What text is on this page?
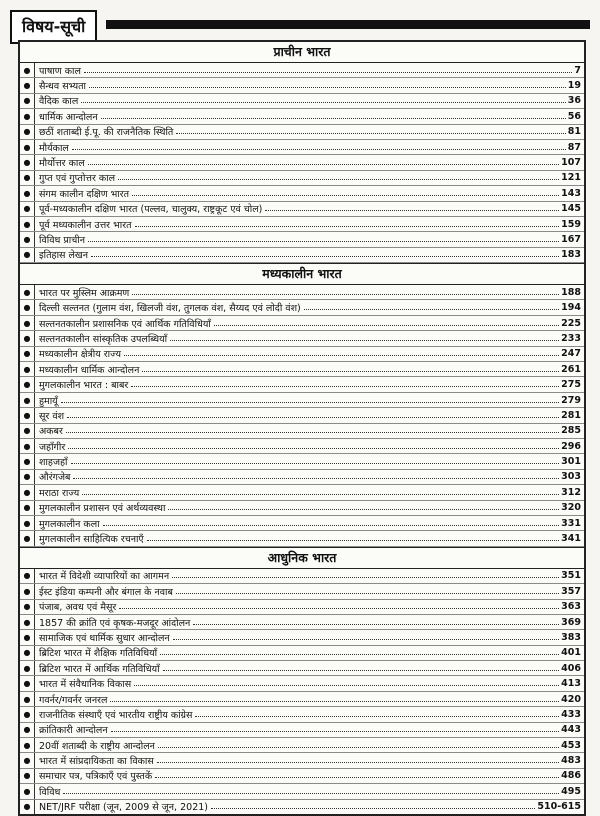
विषय-सूची
प्राचीन भारत
● पाषाण काल	7
● सैन्धव सभ्यता	19
● वैदिक काल	36
● धार्मिक आन्दोलन	56
● छठीं शताब्दी ई.पू. की राजनैतिक स्थिति	81
● मौर्यकाल	87
● मौर्योत्तर काल	107
● गुप्त एवं गुप्तोत्तर काल	121
● संगम कालीन दक्षिण भारत	143
● पूर्व-मध्यकालीन दक्षिण भारत (पल्लव, चालुक्य, राष्ट्रकूट एवं चोल)	145
● पूर्व मध्यकालीन उत्तर भारत	159
● विविध प्राचीन	167
● इतिहास लेखन	183
मध्यकालीन भारत
● भारत पर मुस्लिम आक्रमण	188
● दिल्ली सल्तनत (गुलाम वंश, खिलजी वंश, तुगलक वंश, सैय्यद एवं लोदी वंश)	194
● सल्तनतकालीन प्रशासनिक एवं आर्थिक गतिविधियाँ	225
● सल्तनतकालीन सांस्कृतिक उपलब्धियाँ	233
● मध्यकालीन क्षेत्रीय राज्य	247
● मध्यकालीन धार्मिक आन्दोलन	261
● मुगलकालीन भारत : बाबर	275
● हुमायूँ	279
● सूर वंश	281
● अकबर	285
● जहाँगीर	296
● शाहजहाँ	301
● औरंगजेब	303
● मराठा राज्य	312
● मुगलकालीन प्रशासन एवं अर्थव्यवस्था	320
● मुगलकालीन कला	331
● मुगलकालीन साहित्यिक रचनाएँ	341
आधुनिक भारत
● भारत में विदेशी व्यापारियों का आगमन	351
● ईस्ट इंडिया कम्पनी और बंगाल के नवाब	357
● पंजाब, अवध एवं मैसूर	363
● 1857 की क्रांति एवं कृषक-मजदूर आंदोलन	369
● सामाजिक एवं धार्मिक सुधार आन्दोलन	383
● ब्रिटिश भारत में शैक्षिक गतिविधियाँ	401
● ब्रिटिश भारत में आर्थिक गतिविधियाँ	406
● भारत में संवैधानिक विकास	413
● गवर्नर/गवर्नर जनरल	420
● राजनीतिक संस्थाएँ एवं भारतीय राष्ट्रीय कांग्रेस	433
● क्रांतिकारी आन्दोलन	443
● 20वीं शताब्दी के राष्ट्रीय आन्दोलन	453
● भारत में सांप्रदायिकता का विकास	483
● समाचार पत्र, पत्रिकाएँ एवं पुस्तकें	486
● विविध	495
● NET/JRF परीक्षा (जून, 2009 से जून, 2021)	510-615
